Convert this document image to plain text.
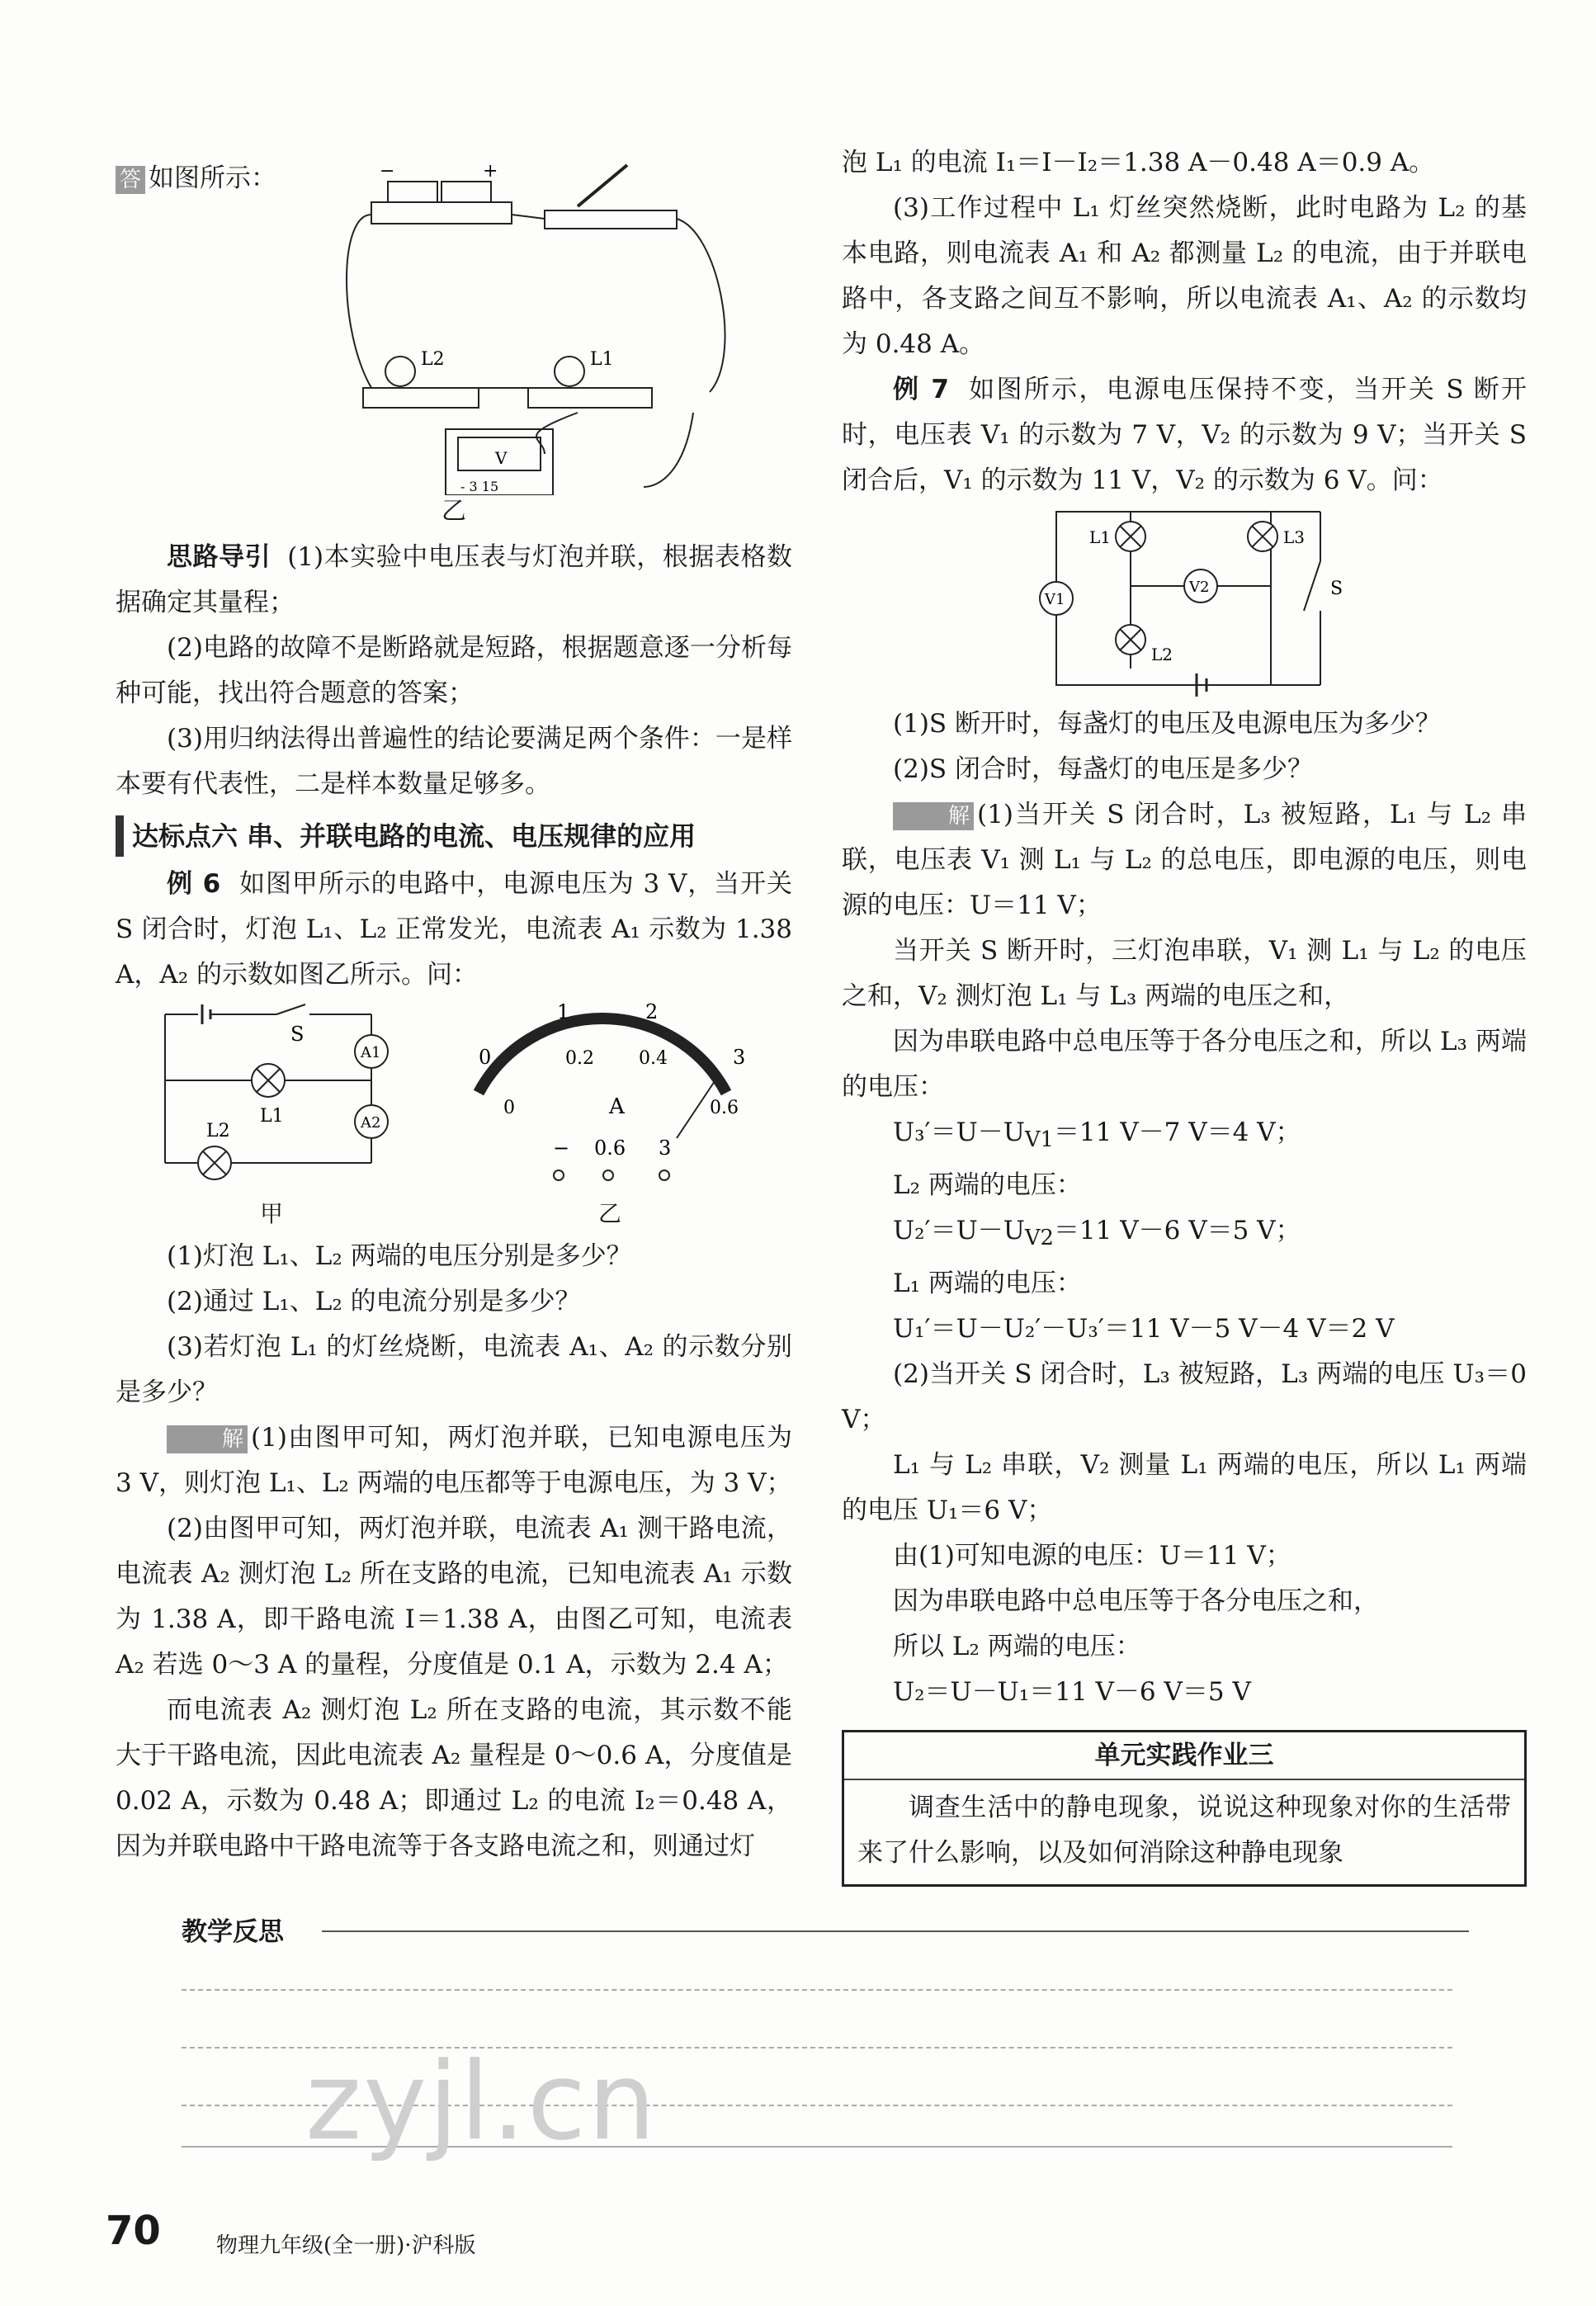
答 如图所示：	−	+
L2	L1
V
- 3 15
乙

思路导引 (1)本实验中电压表与灯泡并联，根据表格数据确定其量程；

(2)电路的故障不是断路就是短路，根据题意逐一分析每种可能，找出符合题意的答案；

(3)用归纳法得出普遍性的结论要满足两个条件：一是样本要有代表性，二是样本数量足够多。

达标点六 串、并联电路的电流、电压规律的应用

例 6 如图甲所示的电路中，电源电压为 3 V，当开关 S 闭合时，灯泡 L₁、L₂ 正常发光，电流表 A₁ 示数为 1.38 A，A₂ 的示数如图乙所示。问：

S
A1
L1	A2
L2
1	2
0	3
0.2 0.4
0	0.6
A
− 0.6 3
甲	乙

(1)灯泡 L₁、L₂ 两端的电压分别是多少？

(2)通过 L₁、L₂ 的电流分别是多少？

(3)若灯泡 L₁ 的灯丝烧断，电流表 A₁、A₂ 的示数分别是多少？

解 (1)由图甲可知，两灯泡并联，已知电源电压为 3 V，则灯泡 L₁、L₂ 两端的电压都等于电源电压，为 3 V；

(2)由图甲可知，两灯泡并联，电流表 A₁ 测干路电流，电流表 A₂ 测灯泡 L₂ 所在支路的电流，已知电流表 A₁ 示数为 1.38 A，即干路电流 I＝1.38 A，由图乙可知，电流表 A₂ 若选 0～3 A 的量程，分度值是 0.1 A，示数为 2.4 A；

而电流表 A₂ 测灯泡 L₂ 所在支路的电流，其示数不能大于干路电流，因此电流表 A₂ 量程是 0～0.6 A，分度值是 0.02 A，示数为 0.48 A；即通过 L₂ 的电流 I₂＝0.48 A，因为并联电路中干路电流等于各支路电流之和，则通过灯

泡 L₁ 的电流 I₁＝I－I₂＝1.38 A－0.48 A＝0.9 A。

(3)工作过程中 L₁ 灯丝突然烧断，此时电路为 L₂ 的基本电路，则电流表 A₁ 和 A₂ 都测量 L₂ 的电流，由于并联电路中，各支路之间互不影响，所以电流表 A₁、A₂ 的示数均为 0.48 A。

例 7 如图所示，电源电压保持不变，当开关 S 断开时，电压表 V₁ 的示数为 7 V，V₂ 的示数为 9 V；当开关 S 闭合后，V₁ 的示数为 11 V，V₂ 的示数为 6 V。问：

V1
L1
L2
V2
L3
S

(1)S 断开时，每盏灯的电压及电源电压为多少？

(2)S 闭合时，每盏灯的电压是多少？

解 (1)当开关 S 闭合时，L₃ 被短路，L₁ 与 L₂ 串联，电压表 V₁ 测 L₁ 与 L₂ 的总电压，即电源的电压，则电源的电压：U＝11 V；

当开关 S 断开时，三灯泡串联，V₁ 测 L₁ 与 L₂ 的电压之和，V₂ 测灯泡 L₁ 与 L₃ 两端的电压之和，

因为串联电路中总电压等于各分电压之和，所以 L₃ 两端的电压：

$U_3'=U-U_{V1}=11$ V－7 V＝4 V；

L₂ 两端的电压：

$U_2'=U-U_{V2}=11$ V－6 V＝5 V；

L₁ 两端的电压：

U₁′＝U－U₂′－U₃′＝11 V－5 V－4 V＝2 V

(2)当开关 S 闭合时，L₃ 被短路，L₃ 两端的电压 U₃＝0 V；

L₁ 与 L₂ 串联，V₂ 测量 L₁ 两端的电压，所以 L₁ 两端的电压 U₁＝6 V；

由(1)可知电源的电压：U＝11 V；

因为串联电路中总电压等于各分电压之和，

所以 L₂ 两端的电压：

U₂＝U－U₁＝11 V－6 V＝5 V

单元实践作业三

调查生活中的静电现象，说说这种现象对你的生活带来了什么影响，以及如何消除这种静电现象

教学反思
zyjl.cn
70	物理九年级(全一册)·沪科版
